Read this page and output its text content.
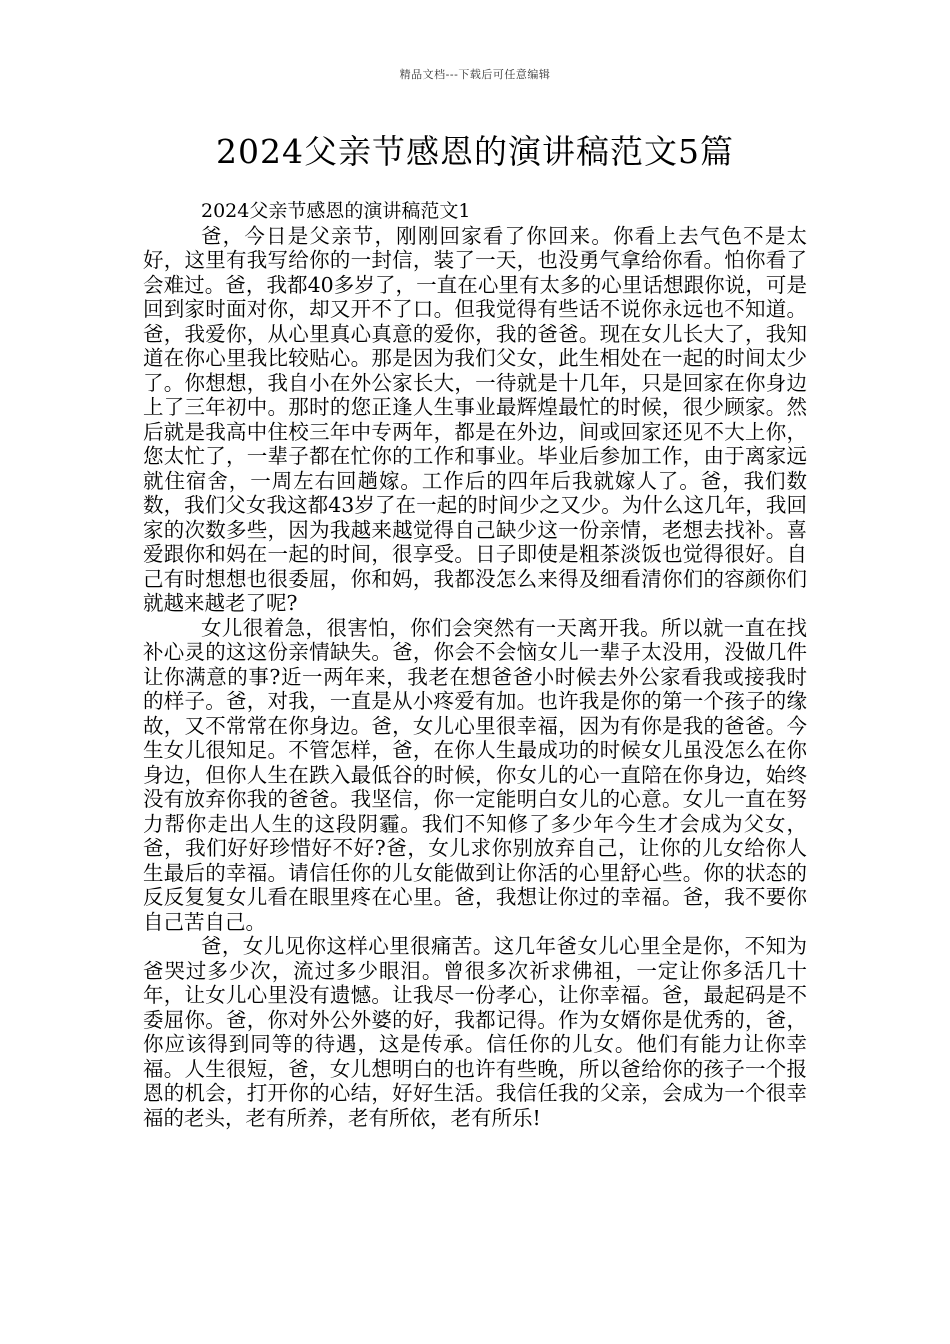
精品文档---下载后可任意编辑
2024父亲节感恩的演讲稿范文5篇

2024父亲节感恩的演讲稿范文1

爸，今日是父亲节，刚刚回家看了你回来。你看上去气色不是太好，这里有我写给你的一封信，装了一天，也没勇气拿给你看。怕你看了会难过。爸，我都40多岁了，一直在心里有太多的心里话想跟你说，可是回到家时面对你，却又开不了口。但我觉得有些话不说你永远也不知道。爸，我爱你，从心里真心真意的爱你，我的爸爸。现在女儿长大了，我知道在你心里我比较贴心。那是因为我们父女，此生相处在一起的时间太少了。你想想，我自小在外公家长大，一待就是十几年，只是回家在你身边上了三年初中。那时的您正逢人生事业最辉煌最忙的时候，很少顾家。然后就是我高中住校三年中专两年，都是在外边，间或回家还见不大上你，您太忙了，一辈子都在忙你的工作和事业。毕业后参加工作，由于离家远就住宿舍，一周左右回趟嫁。工作后的四年后我就嫁人了。爸，我们数数，我们父女我这都43岁了在一起的时间少之又少。为什么这几年，我回家的次数多些，因为我越来越觉得自己缺少这一份亲情，老想去找补。喜爱跟你和妈在一起的时间，很享受。日子即使是粗茶淡饭也觉得很好。自己有时想想也很委屈，你和妈，我都没怎么来得及细看清你们的容颜你们就越来越老了呢?

女儿很着急，很害怕，你们会突然有一天离开我。所以就一直在找补心灵的这这份亲情缺失。爸，你会不会恼女儿一辈子太没用，没做几件让你满意的事?近一两年来，我老在想爸爸小时候去外公家看我或接我时的样子。爸，对我，一直是从小疼爱有加。也许我是你的第一个孩子的缘故，又不常常在你身边。爸，女儿心里很幸福，因为有你是我的爸爸。今生女儿很知足。不管怎样，爸，在你人生最成功的时候女儿虽没怎么在你身边，但你人生在跌入最低谷的时候，你女儿的心一直陪在你身边，始终没有放弃你我的爸爸。我坚信，你一定能明白女儿的心意。女儿一直在努力帮你走出人生的这段阴霾。我们不知修了多少年今生才会成为父女，爸，我们好好珍惜好不好?爸，女儿求你别放弃自己，让你的儿女给你人生最后的幸福。请信任你的儿女能做到让你活的心里舒心些。你的状态的反反复复女儿看在眼里疼在心里。爸，我想让你过的幸福。爸，我不要你自己苦自己。

爸，女儿见你这样心里很痛苦。这几年爸女儿心里全是你，不知为爸哭过多少次，流过多少眼泪。曾很多次祈求佛祖，一定让你多活几十年，让女儿心里没有遗憾。让我尽一份孝心，让你幸福。爸，最起码是不委屈你。爸，你对外公外婆的好，我都记得。作为女婿你是优秀的，爸，你应该得到同等的待遇，这是传承。信任你的儿女。他们有能力让你幸福。人生很短，爸，女儿想明白的也许有些晚，所以爸给你的孩子一个报恩的机会，打开你的心结，好好生活。我信任我的父亲，会成为一个很幸福的老头，老有所养，老有所依，老有所乐!
